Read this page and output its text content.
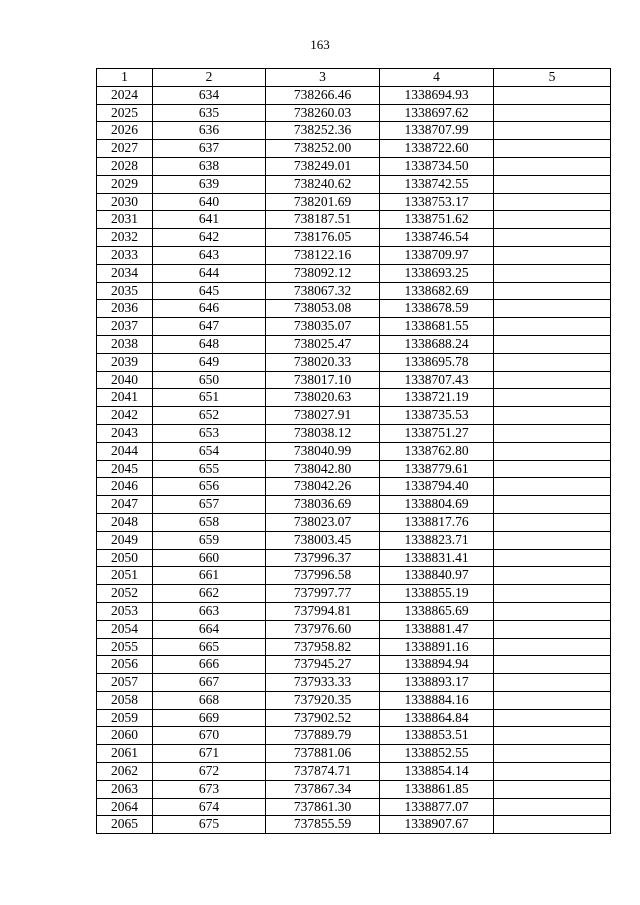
163
1	2	3	4	5
2024	634	738266.46	1338694.93	
2025	635	738260.03	1338697.62	
2026	636	738252.36	1338707.99	
2027	637	738252.00	1338722.60	
2028	638	738249.01	1338734.50	
2029	639	738240.62	1338742.55	
2030	640	738201.69	1338753.17	
2031	641	738187.51	1338751.62	
2032	642	738176.05	1338746.54	
2033	643	738122.16	1338709.97	
2034	644	738092.12	1338693.25	
2035	645	738067.32	1338682.69	
2036	646	738053.08	1338678.59	
2037	647	738035.07	1338681.55	
2038	648	738025.47	1338688.24	
2039	649	738020.33	1338695.78	
2040	650	738017.10	1338707.43	
2041	651	738020.63	1338721.19	
2042	652	738027.91	1338735.53	
2043	653	738038.12	1338751.27	
2044	654	738040.99	1338762.80	
2045	655	738042.80	1338779.61	
2046	656	738042.26	1338794.40	
2047	657	738036.69	1338804.69	
2048	658	738023.07	1338817.76	
2049	659	738003.45	1338823.71	
2050	660	737996.37	1338831.41	
2051	661	737996.58	1338840.97	
2052	662	737997.77	1338855.19	
2053	663	737994.81	1338865.69	
2054	664	737976.60	1338881.47	
2055	665	737958.82	1338891.16	
2056	666	737945.27	1338894.94	
2057	667	737933.33	1338893.17	
2058	668	737920.35	1338884.16	
2059	669	737902.52	1338864.84	
2060	670	737889.79	1338853.51	
2061	671	737881.06	1338852.55	
2062	672	737874.71	1338854.14	
2063	673	737867.34	1338861.85	
2064	674	737861.30	1338877.07	
2065	675	737855.59	1338907.67	
